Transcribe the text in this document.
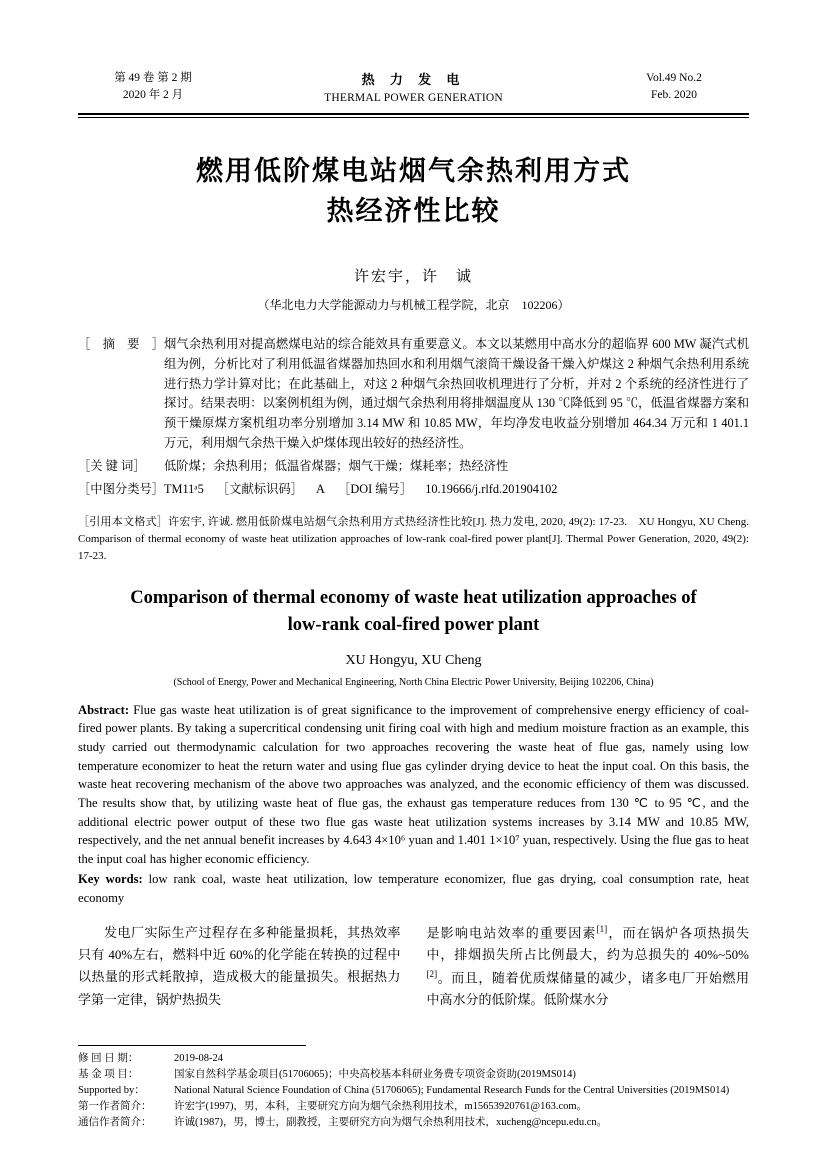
第 49 卷 第 2 期
2020 年 2 月
热 力 发 电
THERMAL POWER GENERATION
Vol.49 No.2
Feb. 2020
燃用低阶煤电站烟气余热利用方式
热经济性比较
许宏宇，许　诚
（华北电力大学能源动力与机械工程学院，北京　102206）
［ 摘 要 ］ 烟气余热利用对提高燃煤电站的综合能效具有重要意义。本文以某燃用中高水分的超临界 600 MW 凝汽式机组为例，分析比对了利用低温省煤器加热回水和利用烟气滚筒干燥设备干燥入炉煤这 2 种烟气余热利用系统进行热力学计算对比；在此基础上，对这 2 种烟气余热回收机理进行了分析，并对 2 个系统的经济性进行了探讨。结果表明：以案例机组为例，通过烟气余热利用将排烟温度从 130 ℃降低到 95 ℃，低温省煤器方案和预干燥原煤方案机组功率分别增加 3.14 MW 和 10.85 MW，年均净发电收益分别增加 464.34 万元和 1 401.1 万元，利用烟气余热干燥入炉煤体现出较好的热经济性。
［关 键 词］	低阶煤；余热利用；低温省煤器；烟气干燥；煤耗率；热经济性
［中图分类号］ TM11ᵃ5 ［文献标识码］ A ［DOI 编号］ 10.19666/j.rlfd.201904102
［引用本文格式］许宏宇, 许诚. 燃用低阶煤电站烟气余热利用方式热经济性比较[J]. 热力发电, 2020, 49(2): 17-23.　XU Hongyu, XU Cheng. Comparison of thermal economy of waste heat utilization approaches of low-rank coal-fired power plant[J]. Thermal Power Generation, 2020, 49(2): 17-23.
Comparison of thermal economy of waste heat utilization approaches of
low-rank coal-fired power plant
XU Hongyu, XU Cheng
(School of Energy, Power and Mechanical Engineering, North China Electric Power University, Beijing 102206, China)
Abstract: Flue gas waste heat utilization is of great significance to the improvement of comprehensive energy efficiency of coal-fired power plants. By taking a supercritical condensing unit firing coal with high and medium moisture fraction as an example, this study carried out thermodynamic calculation for two approaches recovering the waste heat of flue gas, namely using low temperature economizer to heat the return water and using flue gas cylinder drying device to heat the input coal. On this basis, the waste heat recovering mechanism of the above two approaches was analyzed, and the economic efficiency of them was discussed. The results show that, by utilizing waste heat of flue gas, the exhaust gas temperature reduces from 130 ℃ to 95 ℃, and the additional electric power output of these two flue gas waste heat utilization systems increases by 3.14 MW and 10.85 MW, respectively, and the net annual benefit increases by 4.643 4×10⁶ yuan and 1.401 1×10⁷ yuan, respectively. Using the flue gas to heat the input coal has higher economic efficiency.
Key words: low rank coal, waste heat utilization, low temperature economizer, flue gas drying, coal consumption rate, heat economy

发电厂实际生产过程存在多种能量损耗，其热效率只有 40%左右，燃料中近 60%的化学能在转换的过程中以热量的形式耗散掉，造成极大的能量损失。根据热力学第一定律，锅炉热损失

是影响电站效率的重要因素[1]，而在锅炉各项热损失中，排烟损失所占比例最大，约为总损失的 40%~50%[2]。而且，随着优质煤储量的减少，诸多电厂开始燃用中高水分的低阶煤。低阶煤水分

修 回 日 期：	2019-08-24
基 金 项 目：	国家自然科学基金项目(51706065)；中央高校基本科研业务费专项资金资助(2019MS014)
Supported by：	National Natural Science Foundation of China (51706065); Fundamental Research Funds for the Central Universities (2019MS014)
第一作者简介：	许宏宇(1997)，男，本科，主要研究方向为烟气余热利用技术，m15653920761@163.com。
通信作者简介：	许诚(1987)，男，博士，副教授，主要研究方向为烟气余热利用技术，xucheng@ncepu.edu.cn。
